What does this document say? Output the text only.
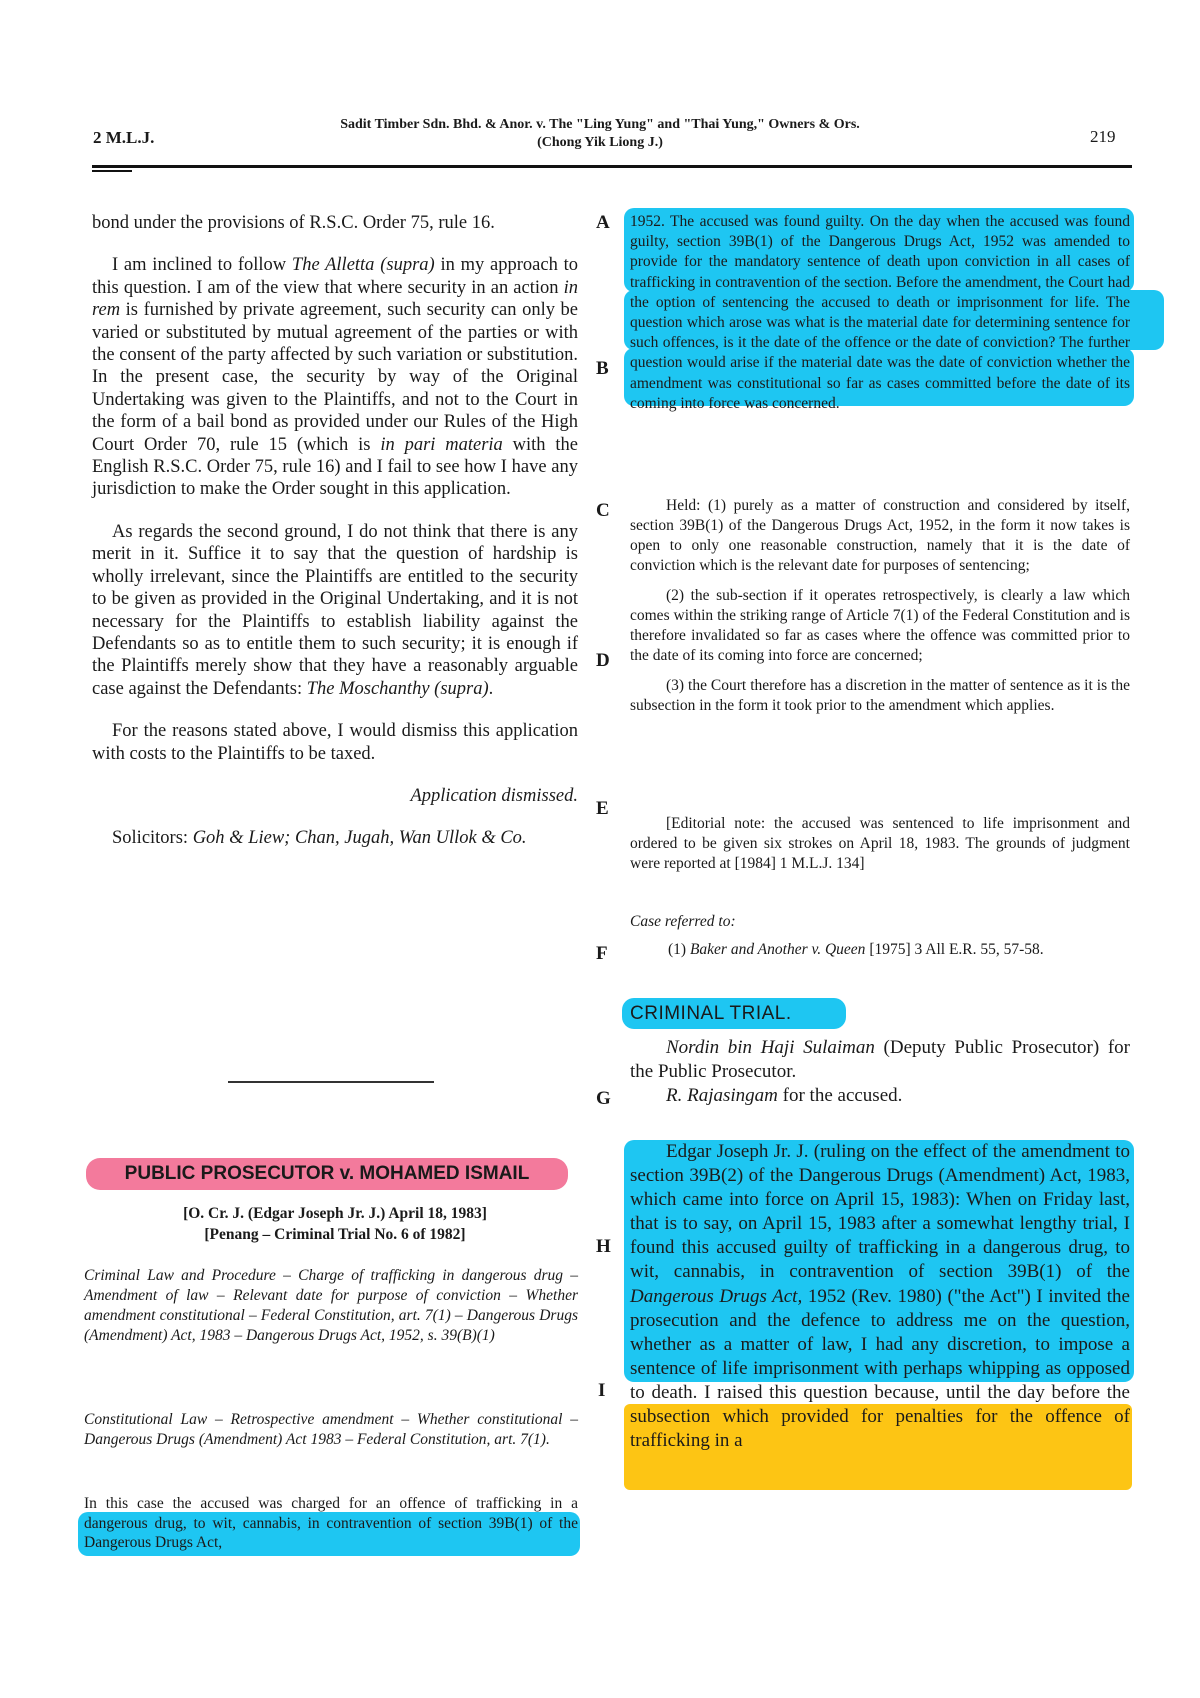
2 M.L.J.
Sadit Timber Sdn. Bhd. & Anor. v. The "Ling Yung" and "Thai Yung," Owners & Ors.
(Chong Yik Liong J.)	219

bond under the provisions of R.S.C. Order 75, rule 16.

I am inclined to follow The Alletta (supra) in my approach to this question. I am of the view that where security in an action in rem is furnished by private agreement, such security can only be varied or substituted by mutual agreement of the parties or with the consent of the party affected by such variation or substitution. In the present case, the security by way of the Original Undertaking was given to the Plaintiffs, and not to the Court in the form of a bail bond as provided under our Rules of the High Court Order 70, rule 15 (which is in pari materia with the English R.S.C. Order 75, rule 16) and I fail to see how I have any jurisdiction to make the Order sought in this application.

As regards the second ground, I do not think that there is any merit in it. Suffice it to say that the question of hardship is wholly irrelevant, since the Plaintiffs are entitled to the security to be given as provided in the Original Undertaking, and it is not necessary for the Plaintiffs to establish liability against the Defendants so as to entitle them to such security; it is enough if the Plaintiffs merely show that they have a reasonably arguable case against the Defendants: The Moschanthy (supra).

For the reasons stated above, I would dismiss this application with costs to the Plaintiffs to be taxed.

Application dismissed.

Solicitors: Goh & Liew; Chan, Jugah, Wan Ullok & Co.

PUBLIC PROSECUTOR v. MOHAMED ISMAIL
[O. Cr. J. (Edgar Joseph Jr. J.) April 18, 1983]
[Penang – Criminal Trial No. 6 of 1982]
Criminal Law and Procedure – Charge of trafficking in dangerous drug – Amendment of law – Relevant date for purpose of conviction – Whether amendment constitutional – Federal Constitution, art. 7(1) – Dangerous Drugs (Amendment) Act, 1983 – Dangerous Drugs Act, 1952, s. 39(B)(1)
Constitutional Law – Retrospective amendment – Whether constitutional – Dangerous Drugs (Amendment) Act 1983 – Federal Constitution, art. 7(1).
In this case the accused was charged for an offence of trafficking in a dangerous drug, to wit, cannabis, in contravention of section 39B(1) of the Dangerous Drugs Act,
A
B
C
D
E
F
G
H
I
1952. The accused was found guilty. On the day when the accused was found guilty, section 39B(1) of the Dangerous Drugs Act, 1952 was amended to provide for the mandatory sentence of death upon conviction in all cases of trafficking in contravention of the section. Before the amendment, the Court had the option of sentencing the accused to death or imprisonment for life. The question which arose was what is the material date for determining sentence for such offences, is it the date of the offence or the date of conviction? The further question would arise if the material date was the date of conviction whether the amendment was constitutional so far as cases committed before the date of its coming into force was concerned.

Held: (1) purely as a matter of construction and considered by itself, section 39B(1) of the Dangerous Drugs Act, 1952, in the form it now takes is open to only one reasonable construction, namely that it is the date of conviction which is the relevant date for purposes of sentencing;

(2) the sub-section if it operates retrospectively, is clearly a law which comes within the striking range of Article 7(1) of the Federal Constitution and is therefore invalidated so far as cases where the offence was committed prior to the date of its coming into force are concerned;

(3) the Court therefore has a discretion in the matter of sentence as it is the subsection in the form it took prior to the amendment which applies.

[Editorial note: the accused was sentenced to life imprisonment and ordered to be given six strokes on April 18, 1983. The grounds of judgment were reported at [1984] 1 M.L.J. 134]
Case referred to:
(1) Baker and Another v. Queen [1975] 3 All E.R. 55, 57-58.
CRIMINAL TRIAL.

Nordin bin Haji Sulaiman (Deputy Public Prosecutor) for the Public Prosecutor.

R. Rajasingam for the accused.

Edgar Joseph Jr. J. (ruling on the effect of the amendment to section 39B(2) of the Dangerous Drugs (Amendment) Act, 1983, which came into force on April 15, 1983): When on Friday last, that is to say, on April 15, 1983 after a somewhat lengthy trial, I found this accused guilty of trafficking in a dangerous drug, to wit, cannabis, in contravention of section 39B(1) of the Dangerous Drugs Act, 1952 (Rev. 1980) ("the Act") I invited the prosecution and the defence to address me on the question, whether as a matter of law, I had any discretion, to impose a sentence of life imprisonment with perhaps whipping as opposed to death. I raised this question because, until the day before the subsection which provided for penalties for the offence of trafficking in a
